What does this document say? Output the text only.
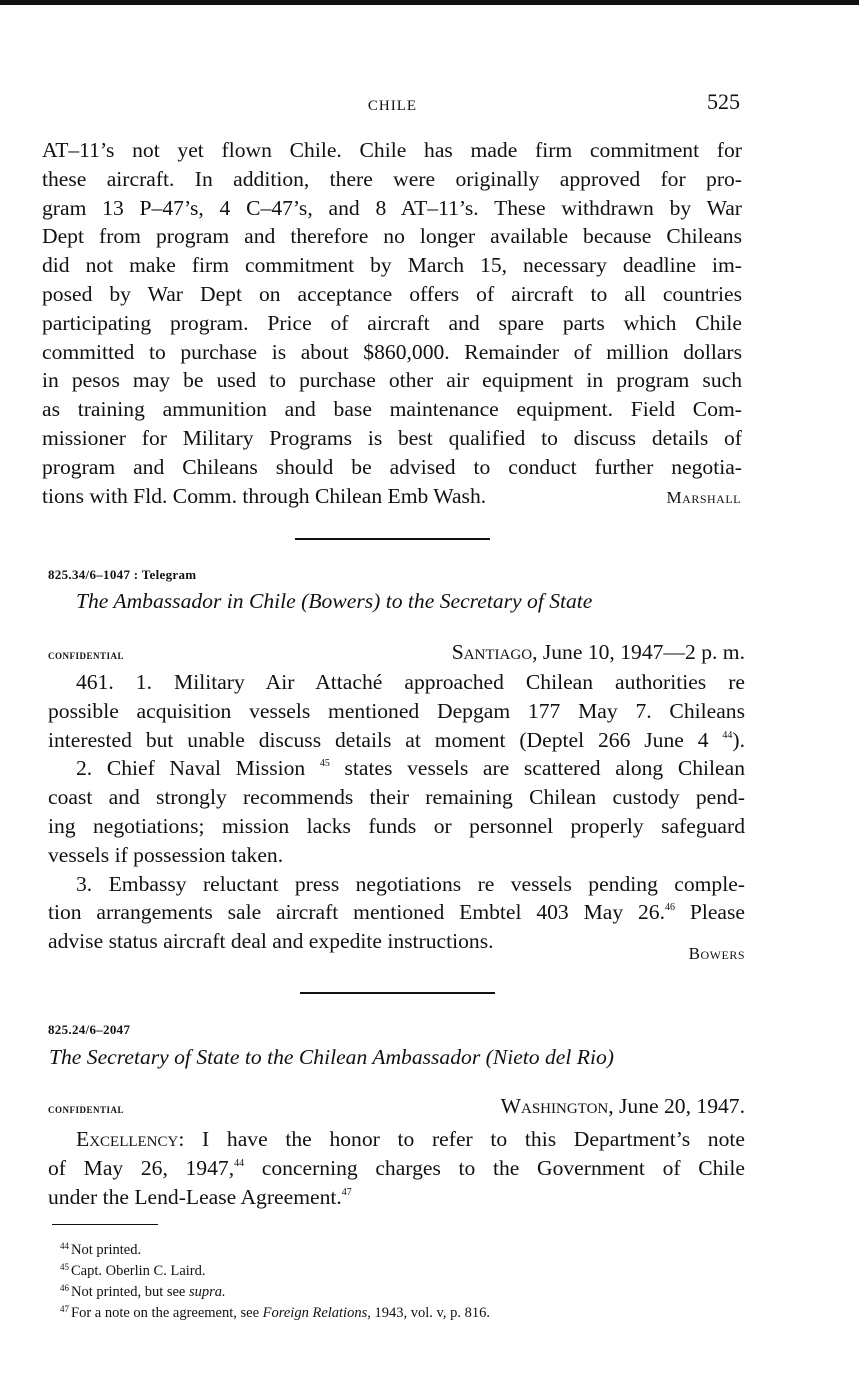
CHILE	525
AT–11’s not yet flown Chile. Chile has made firm commitment for
these aircraft. In addition, there were originally approved for pro-
gram 13 P–47’s, 4 C–47’s, and 8 AT–11’s. These withdrawn by War
Dept from program and therefore no longer available because Chileans
did not make firm commitment by March 15, necessary deadline im-
posed by War Dept on acceptance offers of aircraft to all countries
participating program. Price of aircraft and spare parts which Chile
committed to purchase is about $860,000. Remainder of million dollars
in pesos may be used to purchase other air equipment in program such
as training ammunition and base maintenance equipment. Field Com-
missioner for Military Programs is best qualified to discuss details of
program and Chileans should be advised to conduct further negotia-
tions with Fld. Comm. through Chilean Emb Wash.	Marshall
825.34/6–1047 : Telegram
The Ambassador in Chile (Bowers) to the Secretary of State
confidential	Santiago, June 10, 1947—2 p. m.
461. 1. Military Air Attaché approached Chilean authorities re
possible acquisition vessels mentioned Depgam 177 May 7. Chileans
interested but unable discuss details at moment (Deptel 266 June 4 $^{44}$).
2. Chief Naval Mission $^{45}$ states vessels are scattered along Chilean
coast and strongly recommends their remaining Chilean custody pend-
ing negotiations; mission lacks funds or personnel properly safeguard
vessels if possession taken.
3. Embassy reluctant press negotiations re vessels pending comple-
tion arrangements sale aircraft mentioned Embtel 403 May 26.46 Please
advise status aircraft deal and expedite instructions.
Bowers
825.24/6–2047
The Secretary of State to the Chilean Ambassador (Nieto del Rio)
confidential	Washington, June 20, 1947.
Excellency: I have the honor to refer to this Department’s note
of May 26, 1947,44 concerning charges to the Government of Chile
under the Lend-Lease Agreement.$^{47}$
$^{44}$ Not printed.
$^{45}$ Capt. Oberlin C. Laird.
$^{46}$ Not printed, but see supra.
$^{47}$ For a note on the agreement, see Foreign Relations, 1943, vol. v, p. 816.
